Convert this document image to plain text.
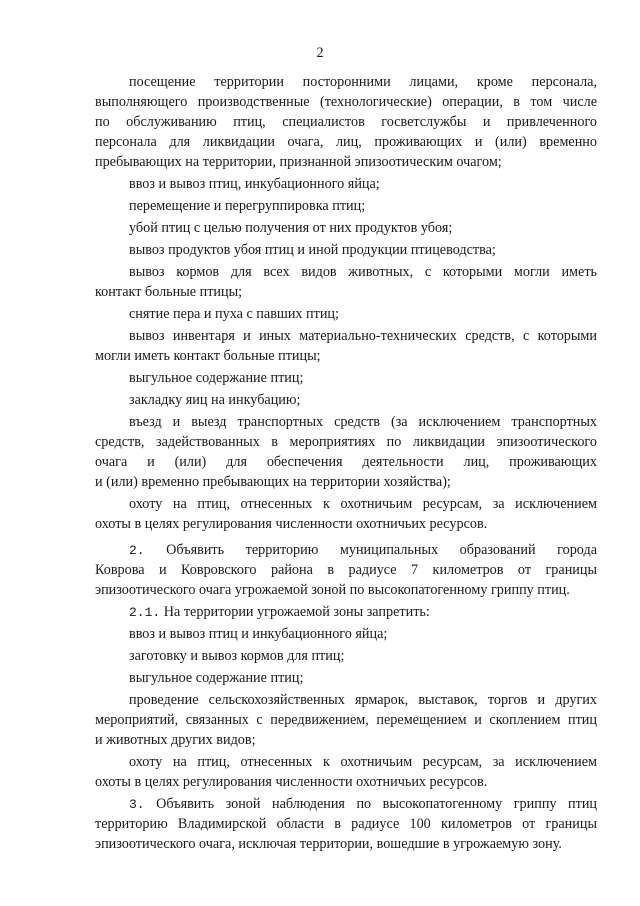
2
посещение территории посторонними лицами, кроме персонала,
выполняющего производственные (технологические) операции, в том числе
по обслуживанию птиц, специалистов госветслужбы и привлеченного
персонала для ликвидации очага, лиц, проживающих и (или) временно
пребывающих на территории, признанной эпизоотическим очагом;
ввоз и вывоз птиц, инкубационного яйца;
перемещение и перегруппировка птиц;
убой птиц с целью получения от них продуктов убоя;
вывоз продуктов убоя птиц и иной продукции птицеводства;
вывоз кормов для всех видов животных, с которыми могли иметь
контакт больные птицы;
снятие пера и пуха с павших птиц;
вывоз инвентаря и иных материально-технических средств, с которыми
могли иметь контакт больные птицы;
выгульное содержание птиц;
закладку яиц на инкубацию;
въезд и выезд транспортных средств (за исключением транспортных
средств, задействованных в мероприятиях по ликвидации эпизоотического
очага и (или) для обеспечения деятельности лиц, проживающих
и (или) временно пребывающих на территории хозяйства);
охоту на птиц, отнесенных к охотничьим ресурсам, за исключением
охоты в целях регулирования численности охотничьих ресурсов.
2. Объявить территорию муниципальных образований города
Коврова и Ковровского района в радиусе 7 километров от границы
эпизоотического очага угрожаемой зоной по высокопатогенному гриппу птиц.
2.1. На территории угрожаемой зоны запретить:
ввоз и вывоз птиц и инкубационного яйца;
заготовку и вывоз кормов для птиц;
выгульное содержание птиц;
проведение сельскохозяйственных ярмарок, выставок, торгов и других
мероприятий, связанных с передвижением, перемещением и скоплением птиц
и животных других видов;
охоту на птиц, отнесенных к охотничьим ресурсам, за исключением
охоты в целях регулирования численности охотничьих ресурсов.
3. Объявить зоной наблюдения по высокопатогенному гриппу птиц
территорию Владимирской области в радиусе 100 километров от границы
эпизоотического очага, исключая территории, вошедшие в угрожаемую зону.
